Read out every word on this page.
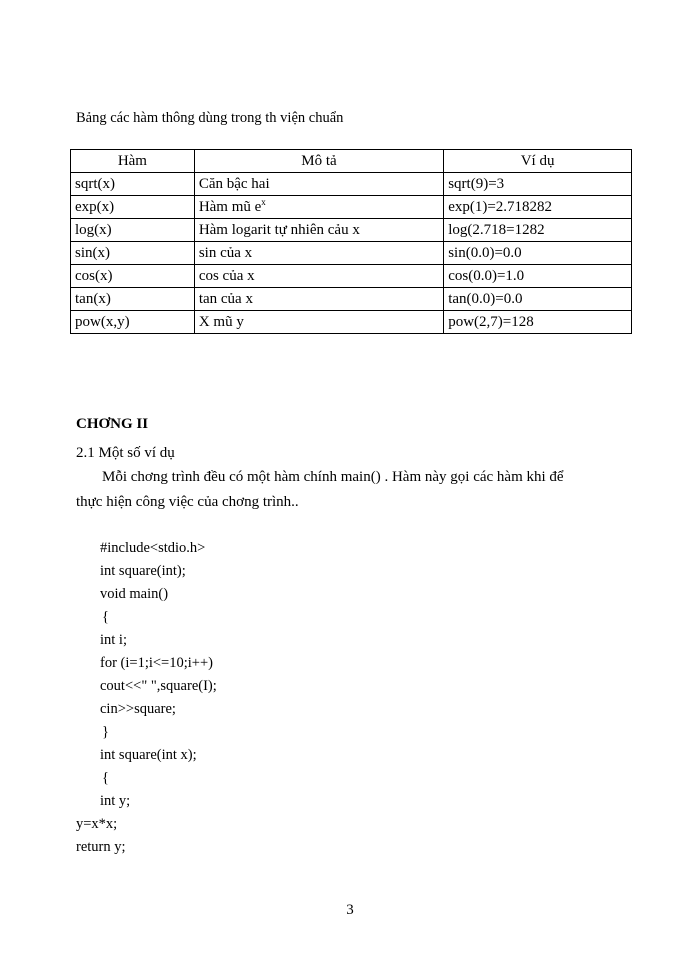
Bảng các hàm thông dùng trong th viện chuẩn
Hàm	Mô tả	Ví dụ
sqrt(x)	Căn bậc hai	sqrt(9)=3
exp(x)	Hàm mũ $e^x$	exp(1)=2.718282
log(x)	Hàm logarit tự nhiên cảu x	log(2.718=1282
sin(x)	sin của x	sin(0.0)=0.0
cos(x)	cos của x	cos(0.0)=1.0
tan(x)	tan của x	tan(0.0)=0.0
pow(x,y)	X mũ y	pow(2,7)=128
CHƠNG II
2.1 Một số ví dụ
Mỗi chơng trình đều có một hàm chính main() . Hàm này gọi các hàm khi để
thực hiện công việc của chơng trình..
#include<stdio.h>
int square(int);
void main()
{
int i;
for (i=1;i<=10;i++)
cout<<" ",square(I);
cin>>square;
}
int square(int x);
{
int y;
y=x*x;
return y;
3
